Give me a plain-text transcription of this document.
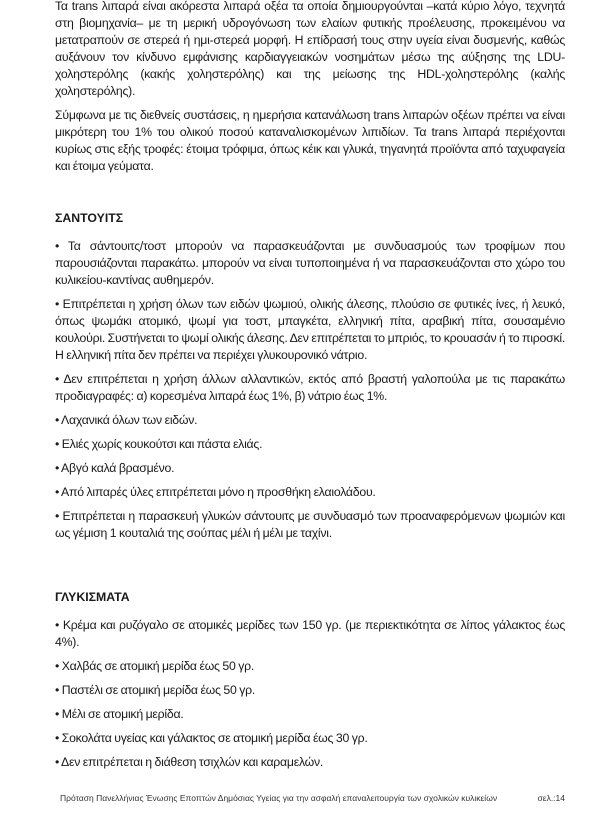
Τα trans λιπαρά είναι ακόρεστα λιπαρά οξέα τα οποία δημιουργούνται –κατά κύριο λόγο, τεχνητά στη βιομηχανία– με τη μερική υδρογόνωση των ελαίων φυτικής προέλευσης, προκειμένου να μετατραπούν σε στερεά ή ημι-στερεά μορφή. Η επίδρασή τους στην υγεία είναι δυσμενής, καθώς αυξάνουν τον κίνδυνο εμφάνισης καρδιαγγειακών νοσημάτων μέσω της αύξησης της LDU-χοληστερόλης (κακής χοληστερόλης) και της μείωσης της HDL-χοληστερόλης (καλής χοληστερόλης).

Σύμφωνα με τις διεθνείς συστάσεις, η ημερήσια κατανάλωση trans λιπαρών οξέων πρέπει να είναι μικρότερη του 1% του ολικού ποσού καταναλισκομένων λιπιδίων. Τα trans λιπαρά περιέχονται κυρίως στις εξής τροφές: έτοιμα τρόφιμα, όπως κέικ και γλυκά, τηγανητά προϊόντα από ταχυφαγεία και έτοιμα γεύματα.

ΣΑΝΤΟΥΙΤΣ

• Τα σάντουιτς/τοστ μπορούν να παρασκευάζονται με συνδυασμούς των τροφίμων που παρουσιάζονται παρακάτω. μπορούν να είναι τυποποιημένα ή να παρασκευάζονται στο χώρο του κυλικείου-καντίνας αυθημερόν.

• Επιτρέπεται η χρήση όλων των ειδών ψωμιού, ολικής άλεσης, πλούσιο σε φυτικές ίνες, ή λευκό, όπως ψωμάκι ατομικό, ψωμί για τοστ, μπαγκέτα, ελληνική πίτα, αραβική πίτα, σουσαμένιο κουλούρι. Συστήνεται το ψωμί ολικής άλεσης. Δεν επιτρέπεται το μπριός, το κρουασάν ή το πιροσκί. Η ελληνική πίτα δεν πρέπει να περιέχει γλυκουρονικό νάτριο.

• Δεν επιτρέπεται η χρήση άλλων αλλαντικών, εκτός από βραστή γαλοπούλα με τις παρακάτω προδιαγραφές: α) κορεσμένα λιπαρά έως 1%, β) νάτριο έως 1%.

• Λαχανικά όλων των ειδών.

• Ελιές χωρίς κουκούτσι και πάστα ελιάς.

• Αβγό καλά βρασμένο.

• Από λιπαρές ύλες επιτρέπεται μόνο η προσθήκη ελαιολάδου.

• Επιτρέπεται η παρασκευή γλυκών σάντουιτς με συνδυασμό των προαναφερόμενων ψωμιών και ως γέμιση 1 κουταλιά της σούπας μέλι ή μέλι με ταχίνι.

ΓΛΥΚΙΣΜΑΤΑ

• Κρέμα και ρυζόγαλο σε ατομικές μερίδες των 150 γρ. (με περιεκτικότητα σε λίπος γάλακτος έως 4%).

• Χαλβάς σε ατομική μερίδα έως 50 γρ.

• Παστέλι σε ατομική μερίδα έως 50 γρ.

• Μέλι σε ατομική μερίδα.

• Σοκολάτα υγείας και γάλακτος σε ατομική μερίδα έως 30 γρ.

• Δεν επιτρέπεται η διάθεση τσιχλών και καραμελών.

Πρόταση Πανελλήνιας Ένωσης Εποπτών Δημόσιας Υγείας για την ασφαλή επαναλειτουργία των σχολικών κυλικείων	σελ.:14
